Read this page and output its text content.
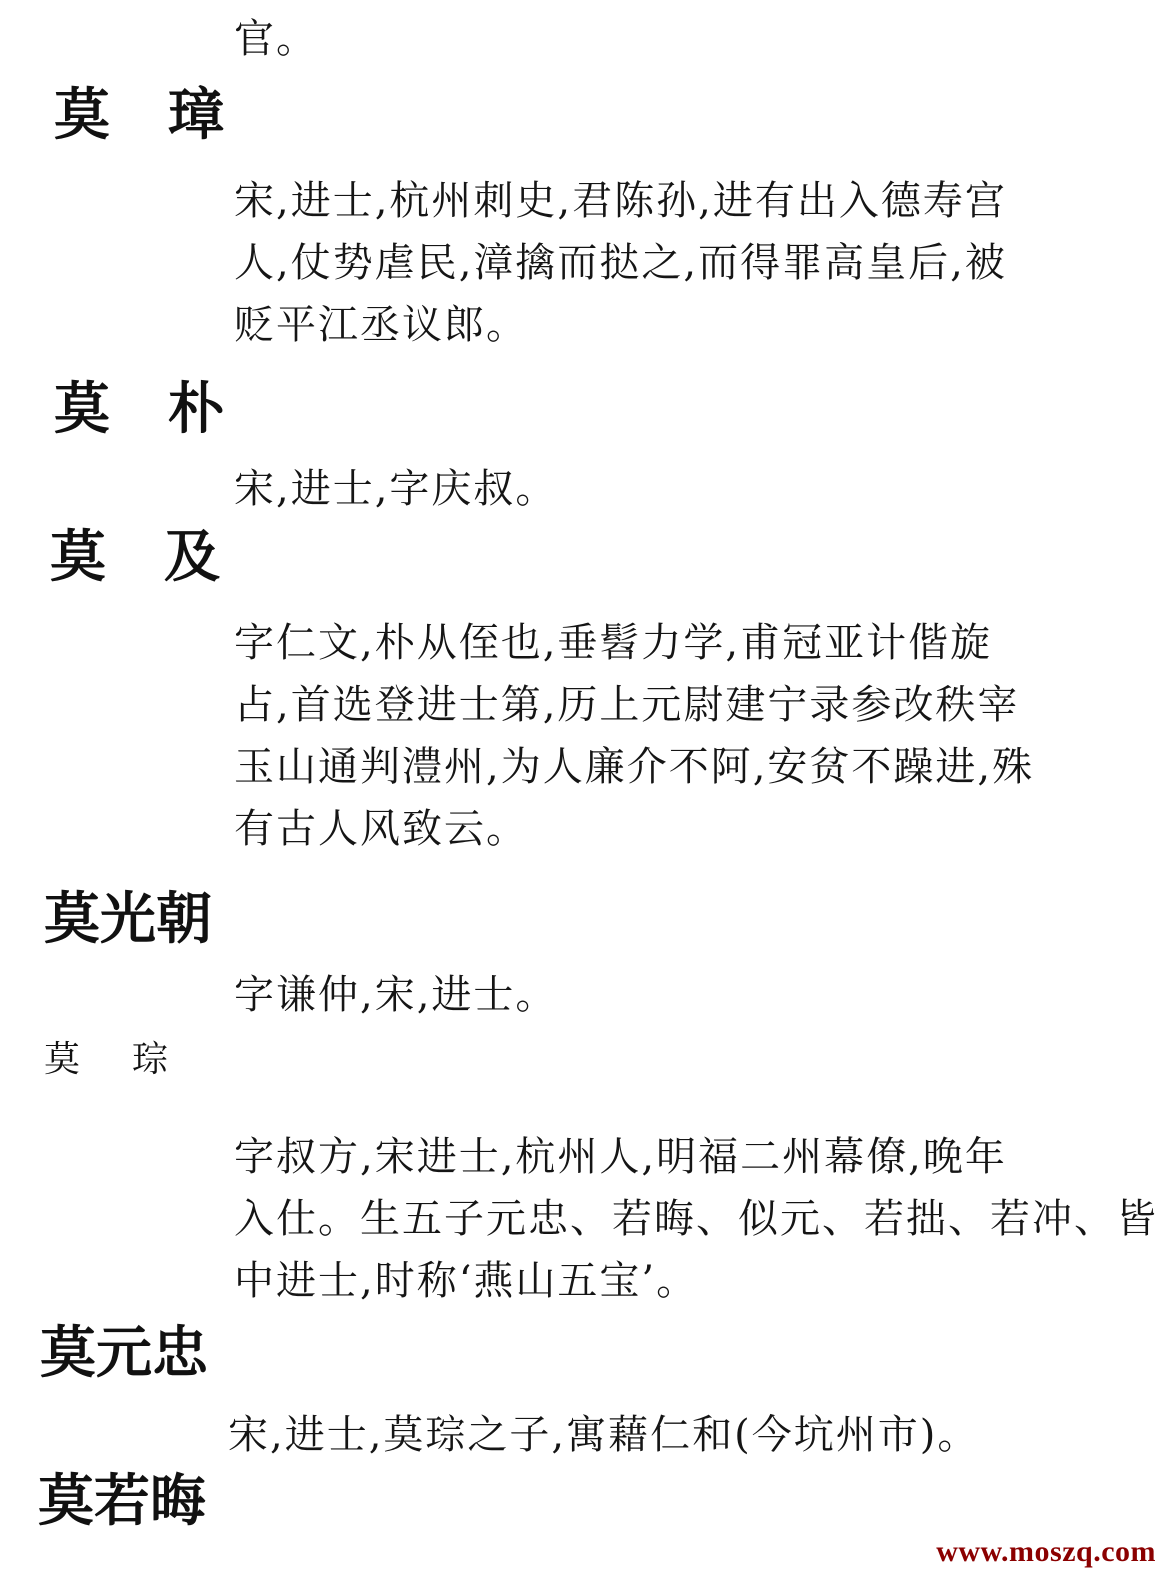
官。
莫 璋
宋,进士,杭州刺史,君陈孙,进有出入德寿宫
人,仗势虐民,漳擒而挞之,而得罪高皇后,被
贬平江丞议郎。
莫 朴
宋,进士,字庆叔。
莫 及
字仁文,朴从侄也,垂髫力学,甫冠亚计偕旋
占,首选登进士第,历上元尉建宁录参改秩宰
玉山通判澧州,为人廉介不阿,安贫不躁进,殊
有古人风致云。
莫光朝
字谦仲,宋,进士。
莫 琮
字叔方,宋进士,杭州人,明福二州幕僚,晚年
入仕。生五子元忠、若晦、似元、若拙、若冲、皆
中进士,时称‘燕山五宝’。
莫元忠
宋,进士,莫琮之子,寓藉仁和(今坑州市)。
莫若晦
www.moszq.com
